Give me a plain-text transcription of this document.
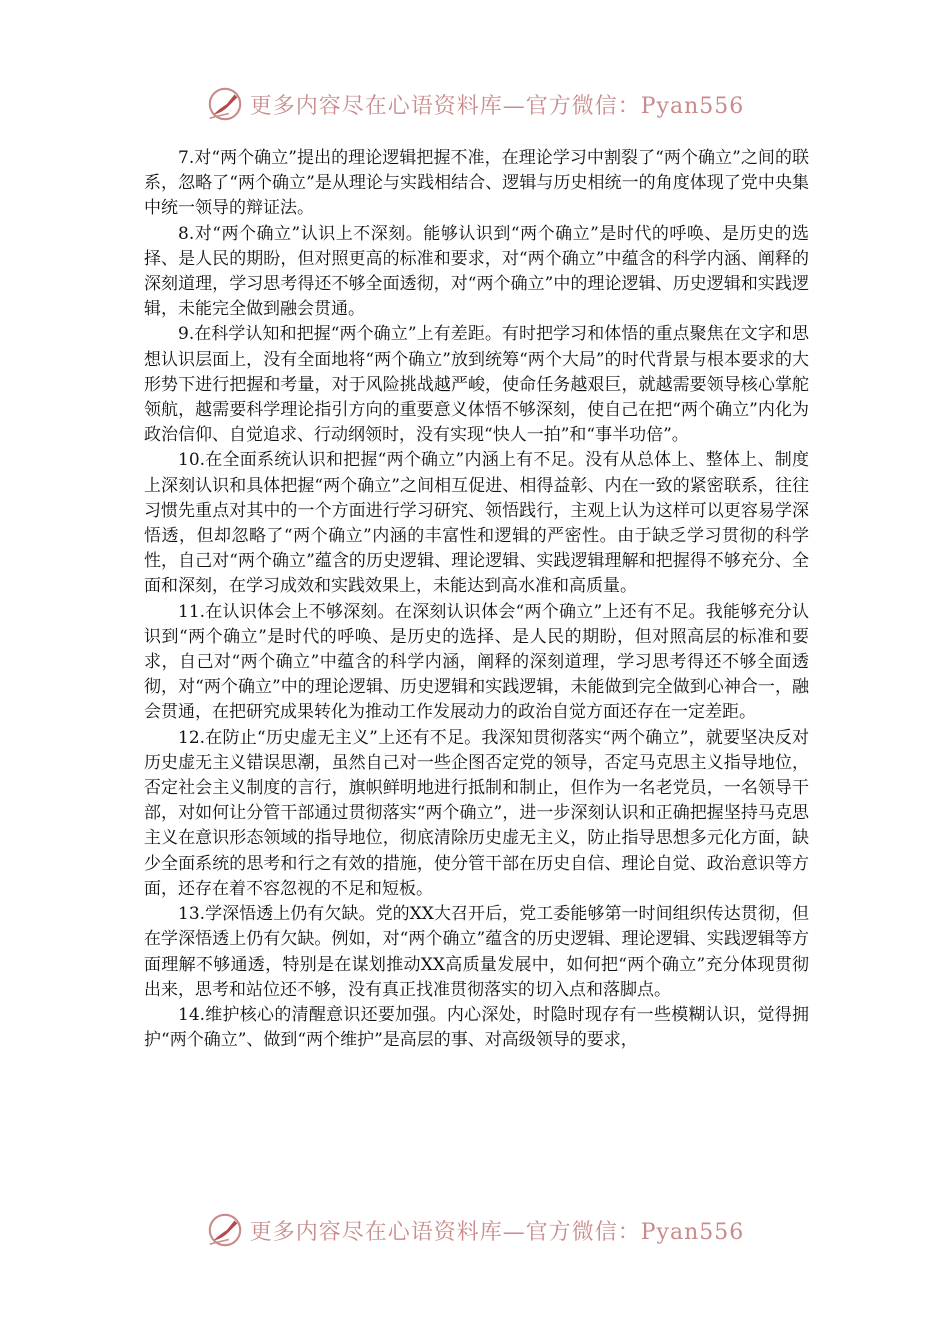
更多内容尽在心语资料库—官方微信：Pyan556

7.对“两个确立”提出的理论逻辑把握不准，在理论学习中割裂了“两个确立”之间的联系，忽略了“两个确立”是从理论与实践相结合、逻辑与历史相统一的角度体现了党中央集中统一领导的辩证法。

8.对“两个确立”认识上不深刻。能够认识到“两个确立”是时代的呼唤、是历史的选择、是人民的期盼，但对照更高的标准和要求，对“两个确立”中蕴含的科学内涵、阐释的深刻道理，学习思考得还不够全面透彻，对“两个确立”中的理论逻辑、历史逻辑和实践逻辑，未能完全做到融会贯通。

9.在科学认知和把握“两个确立”上有差距。有时把学习和体悟的重点聚焦在文字和思想认识层面上，没有全面地将“两个确立”放到统筹“两个大局”的时代背景与根本要求的大形势下进行把握和考量，对于风险挑战越严峻，使命任务越艰巨，就越需要领导核心掌舵领航，越需要科学理论指引方向的重要意义体悟不够深刻，使自己在把“两个确立”内化为政治信仰、自觉追求、行动纲领时，没有实现“快人一拍”和“事半功倍”。

10.在全面系统认识和把握“两个确立”内涵上有不足。没有从总体上、整体上、制度上深刻认识和具体把握“两个确立”之间相互促进、相得益彰、内在一致的紧密联系，往往习惯先重点对其中的一个方面进行学习研究、领悟践行，主观上认为这样可以更容易学深悟透，但却忽略了“两个确立”内涵的丰富性和逻辑的严密性。由于缺乏学习贯彻的科学性，自己对“两个确立”蕴含的历史逻辑、理论逻辑、实践逻辑理解和把握得不够充分、全面和深刻，在学习成效和实践效果上，未能达到高水准和高质量。

11.在认识体会上不够深刻。在深刻认识体会“两个确立”上还有不足。我能够充分认识到“两个确立”是时代的呼唤、是历史的选择、是人民的期盼，但对照高层的标准和要求，自己对“两个确立”中蕴含的科学内涵，阐释的深刻道理，学习思考得还不够全面透彻，对“两个确立”中的理论逻辑、历史逻辑和实践逻辑，未能做到完全做到心神合一，融会贯通，在把研究成果转化为推动工作发展动力的政治自觉方面还存在一定差距。

12.在防止“历史虚无主义”上还有不足。我深知贯彻落实“两个确立”，就要坚决反对历史虚无主义错误思潮，虽然自己对一些企图否定党的领导，否定马克思主义指导地位，否定社会主义制度的言行，旗帜鲜明地进行抵制和制止，但作为一名老党员，一名领导干部，对如何让分管干部通过贯彻落实“两个确立”，进一步深刻认识和正确把握坚持马克思主义在意识形态领域的指导地位，彻底清除历史虚无主义，防止指导思想多元化方面，缺少全面系统的思考和行之有效的措施，使分管干部在历史自信、理论自觉、政治意识等方面，还存在着不容忽视的不足和短板。

13.学深悟透上仍有欠缺。党的XX大召开后，党工委能够第一时间组织传达贯彻，但在学深悟透上仍有欠缺。例如，对“两个确立”蕴含的历史逻辑、理论逻辑、实践逻辑等方面理解不够通透，特别是在谋划推动XX高质量发展中，如何把“两个确立”充分体现贯彻出来，思考和站位还不够，没有真正找准贯彻落实的切入点和落脚点。

14.维护核心的清醒意识还要加强。内心深处，时隐时现存有一些模糊认识，觉得拥护“两个确立”、做到“两个维护”是高层的事、对高级领导的要求，

更多内容尽在心语资料库—官方微信：Pyan556
